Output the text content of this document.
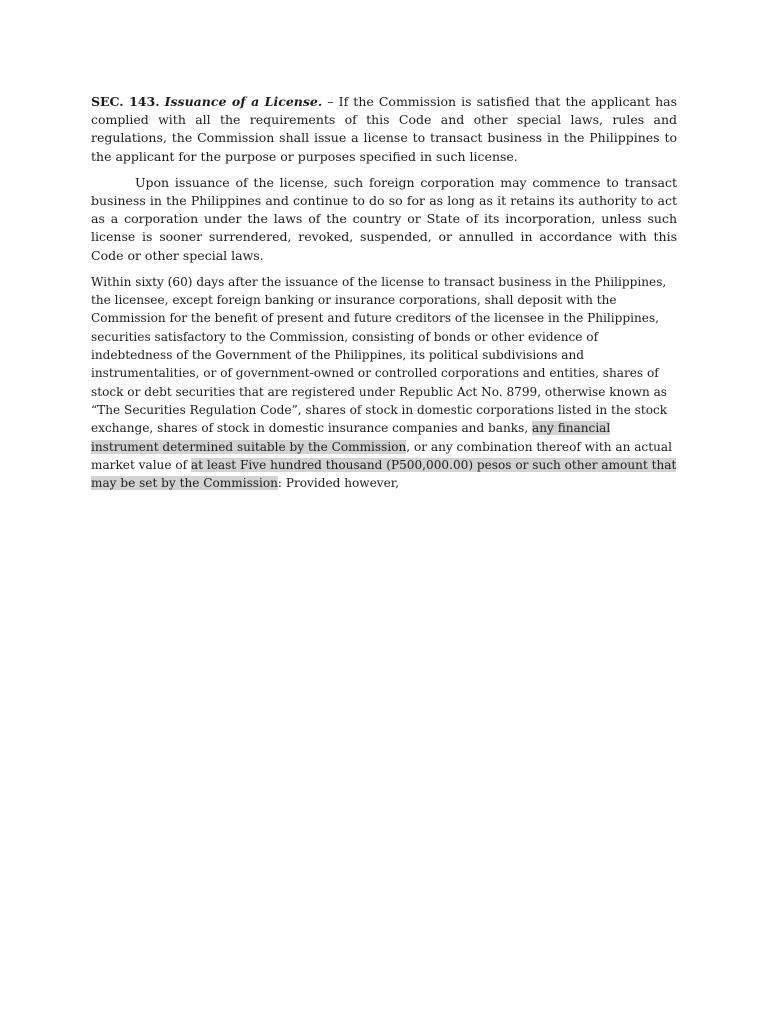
SEC. 143. Issuance of a License. – If the Commission is satisfied that the applicant has complied with all the requirements of this Code and other special laws, rules and regulations, the Commission shall issue a license to transact business in the Philippines to the applicant for the purpose or purposes specified in such license.

Upon issuance of the license, such foreign corporation may commence to transact business in the Philippines and continue to do so for as long as it retains its authority to act as a corporation under the laws of the country or State of its incorporation, unless such license is sooner surrendered, revoked, suspended, or annulled in accordance with this Code or other special laws.

Within sixty (60) days after the issuance of the license to transact business in the Philippines, the licensee, except foreign banking or insurance corporations, shall deposit with the Commission for the benefit of present and future creditors of the licensee in the Philippines, securities satisfactory to the Commission, consisting of bonds or other evidence of indebtedness of the Government of the Philippines, its political subdivisions and instrumentalities, or of government-owned or controlled corporations and entities, shares of stock or debt securities that are registered under Republic Act No. 8799, otherwise known as “The Securities Regulation Code”, shares of stock in domestic corporations listed in the stock exchange, shares of stock in domestic insurance companies and banks, any financial instrument determined suitable by the Commission, or any combination thereof with an actual market value of at least Five hundred thousand (P500,000.00) pesos or such other amount that may be set by the Commission: Provided however,
